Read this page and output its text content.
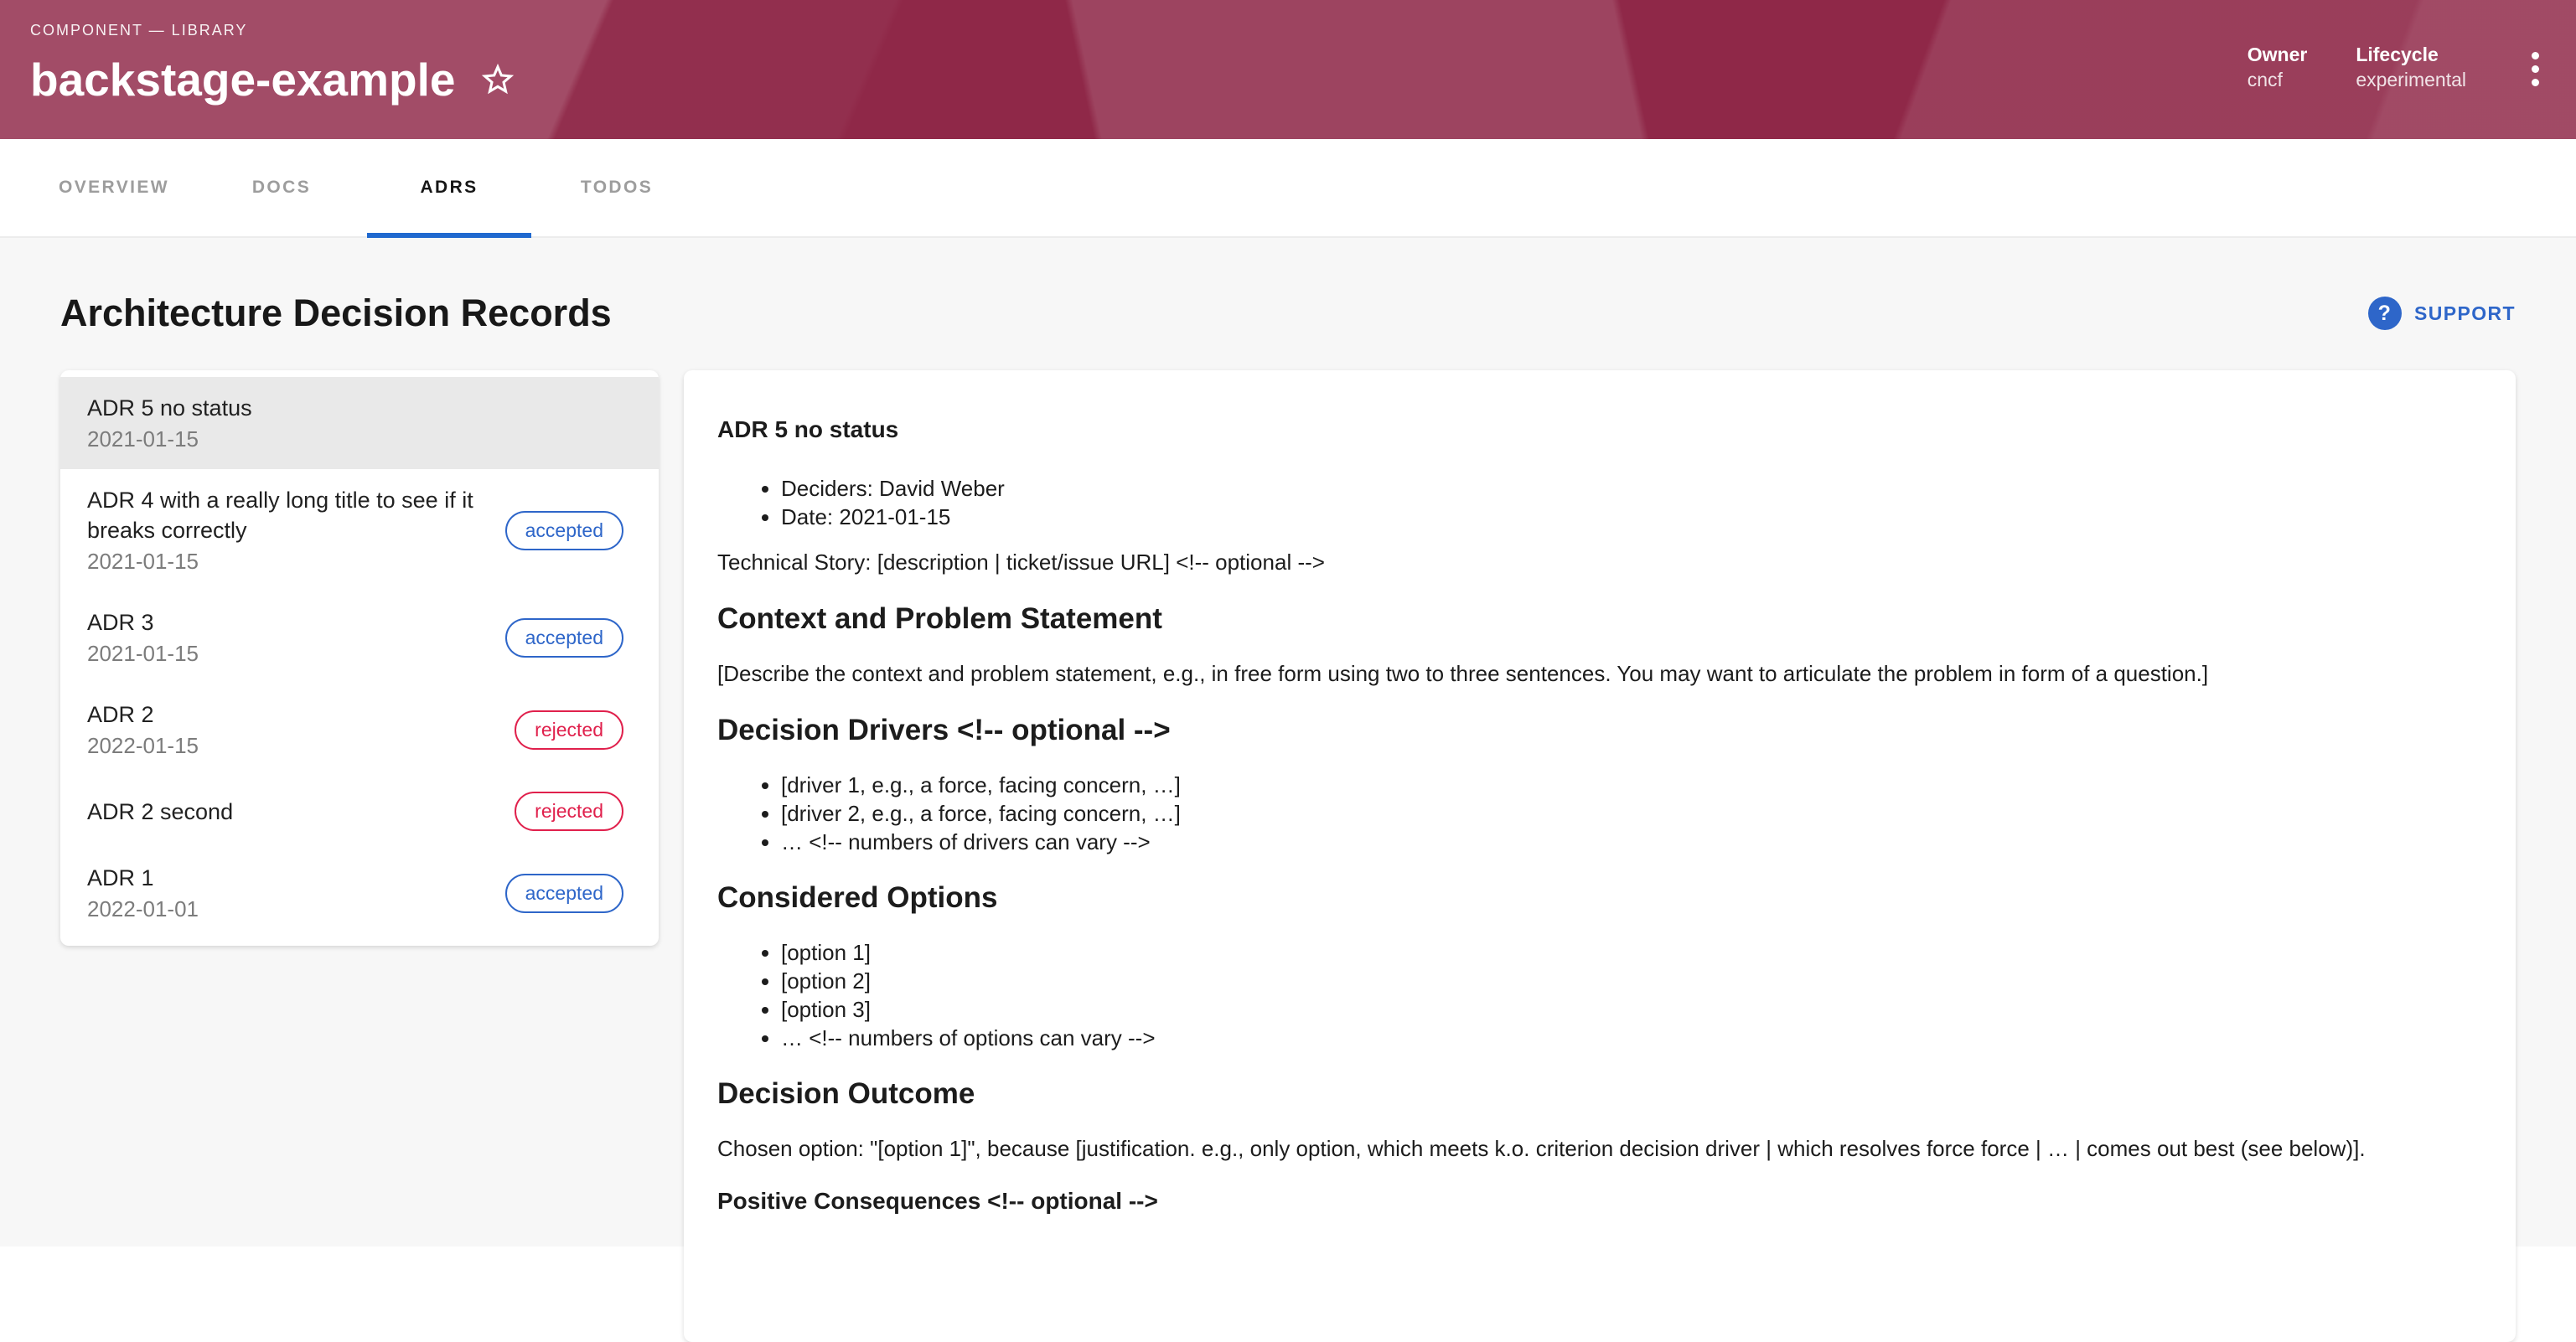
COMPONENT — LIBRARY
backstage-example	Owner
cncf
Lifecycle
experimental
OVERVIEW	DOCS	ADRS	TODOS
Architecture Decision Records	?	SUPPORT
ADR 5 no status
2021-01-15
ADR 4 with a really long title to see if it breaks correctly
2021-01-15
accepted
ADR 3
2021-01-15
accepted
ADR 2
2022-01-15
rejected
ADR 2 second	rejected
ADR 1
2022-01-01
accepted
ADR 5 no status
• Deciders: David Weber
• Date: 2021-01-15

Technical Story: [description | ticket/issue URL] <!-- optional -->

Context and Problem Statement

[Describe the context and problem statement, e.g., in free form using two to three sentences. You may want to articulate the problem in form of a question.]

Decision Drivers <!-- optional -->
• [driver 1, e.g., a force, facing concern, …]
• [driver 2, e.g., a force, facing concern, …]
• … <!-- numbers of drivers can vary -->
Considered Options
• [option 1]
• [option 2]
• [option 3]
• … <!-- numbers of options can vary -->
Decision Outcome

Chosen option: "[option 1]", because [justification. e.g., only option, which meets k.o. criterion decision driver | which resolves force force | … | comes out best (see below)].

Positive Consequences <!-- optional -->
